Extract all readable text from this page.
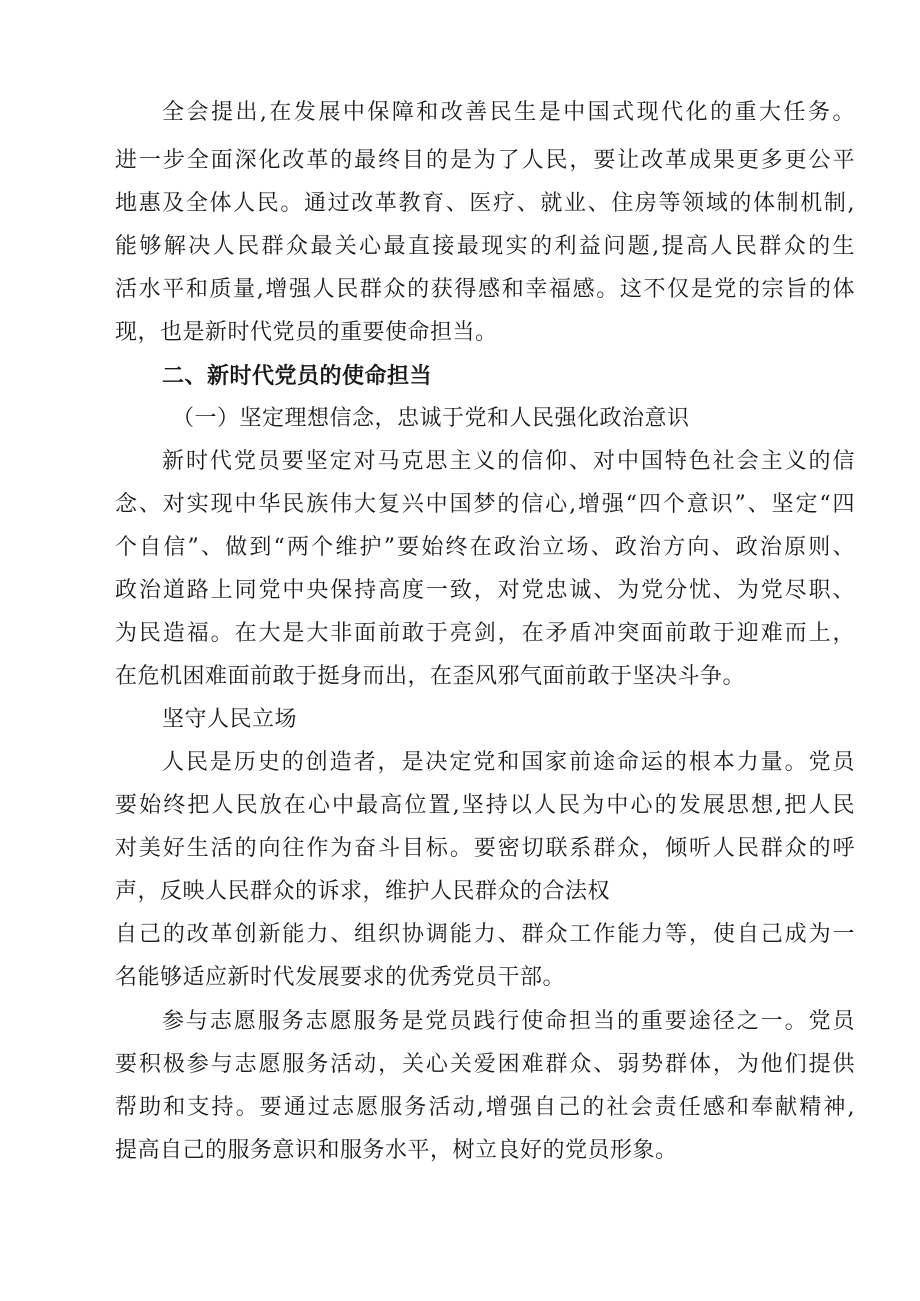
全会提出,在发展中保障和改善民生是中国式现代化的重大任务。
进一步全面深化改革的最终目的是为了人民，要让改革成果更多更公平
地惠及全体人民。通过改革教育、医疗、就业、住房等领域的体制机制,
能够解决人民群众最关心最直接最现实的利益问题,提高人民群众的生
活水平和质量,增强人民群众的获得感和幸福感。这不仅是党的宗旨的体
现，也是新时代党员的重要使命担当。
二、新时代党员的使命担当
（一）坚定理想信念，忠诚于党和人民强化政治意识
新时代党员要坚定对马克思主义的信仰、对中国特色社会主义的信
念、对实现中华民族伟大复兴中国梦的信心,增强“四个意识”、坚定“四
个自信”、做到“两个维护”要始终在政治立场、政治方向、政治原则、
政治道路上同党中央保持高度一致，对党忠诚、为党分忧、为党尽职、
为民造福。在大是大非面前敢于亮剑，在矛盾冲突面前敢于迎难而上，
在危机困难面前敢于挺身而出，在歪风邪气面前敢于坚决斗争。
坚守人民立场
人民是历史的创造者，是决定党和国家前途命运的根本力量。党员
要始终把人民放在心中最高位置,坚持以人民为中心的发展思想,把人民
对美好生活的向往作为奋斗目标。要密切联系群众，倾听人民群众的呼
声，反映人民群众的诉求，维护人民群众的合法权
自己的改革创新能力、组织协调能力、群众工作能力等，使自己成为一
名能够适应新时代发展要求的优秀党员干部。
参与志愿服务志愿服务是党员践行使命担当的重要途径之一。党员
要积极参与志愿服务活动，关心关爱困难群众、弱势群体，为他们提供
帮助和支持。要通过志愿服务活动,增强自己的社会责任感和奉献精神,
提高自己的服务意识和服务水平，树立良好的党员形象。
